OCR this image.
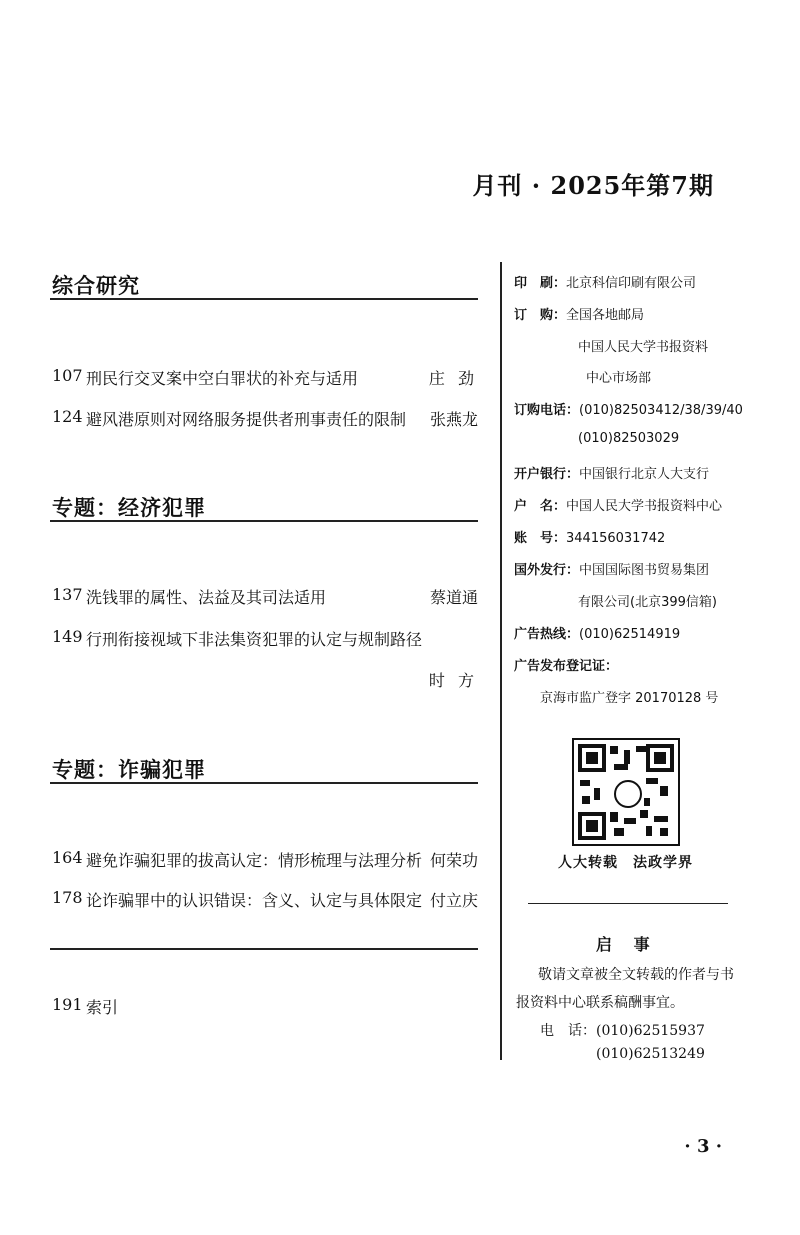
月刊 · 2025年第7期
综合研究
107 刑民行交叉案中空白罪状的补充与适用	庄 劲
124 避风港原则对网络服务提供者刑事责任的限制 张燕龙
专题：经济犯罪
137 洗钱罪的属性、法益及其司法适用	蔡道通
149 行刑衔接视域下非法集资犯罪的认定与规制路径
时 方
专题：诈骗犯罪
164 避免诈骗犯罪的拔高认定：情形梳理与法理分析 何荣功
178 论诈骗罪中的认识错误：含义、认定与具体限定 付立庆
191 索引
印　刷：北京科信印刷有限公司
订　购：全国各地邮局
中国人民大学书报资料
中心市场部
订购电话：(010)82503412/38/39/40
(010)82503029
开户银行：中国银行北京人大支行
户　名：中国人民大学书报资料中心
账　号：344156031742
国外发行：中国国际图书贸易集团
有限公司(北京399信箱)
广告热线：(010)62514919
广告发布登记证：
京海市监广登字 20170128 号
人大转载　法政学界
启 事
敬请文章被全文转载的作者与书
报资料中心联系稿酬事宜。
电　话：(010)62515937
(010)62513249
· 3 ·
